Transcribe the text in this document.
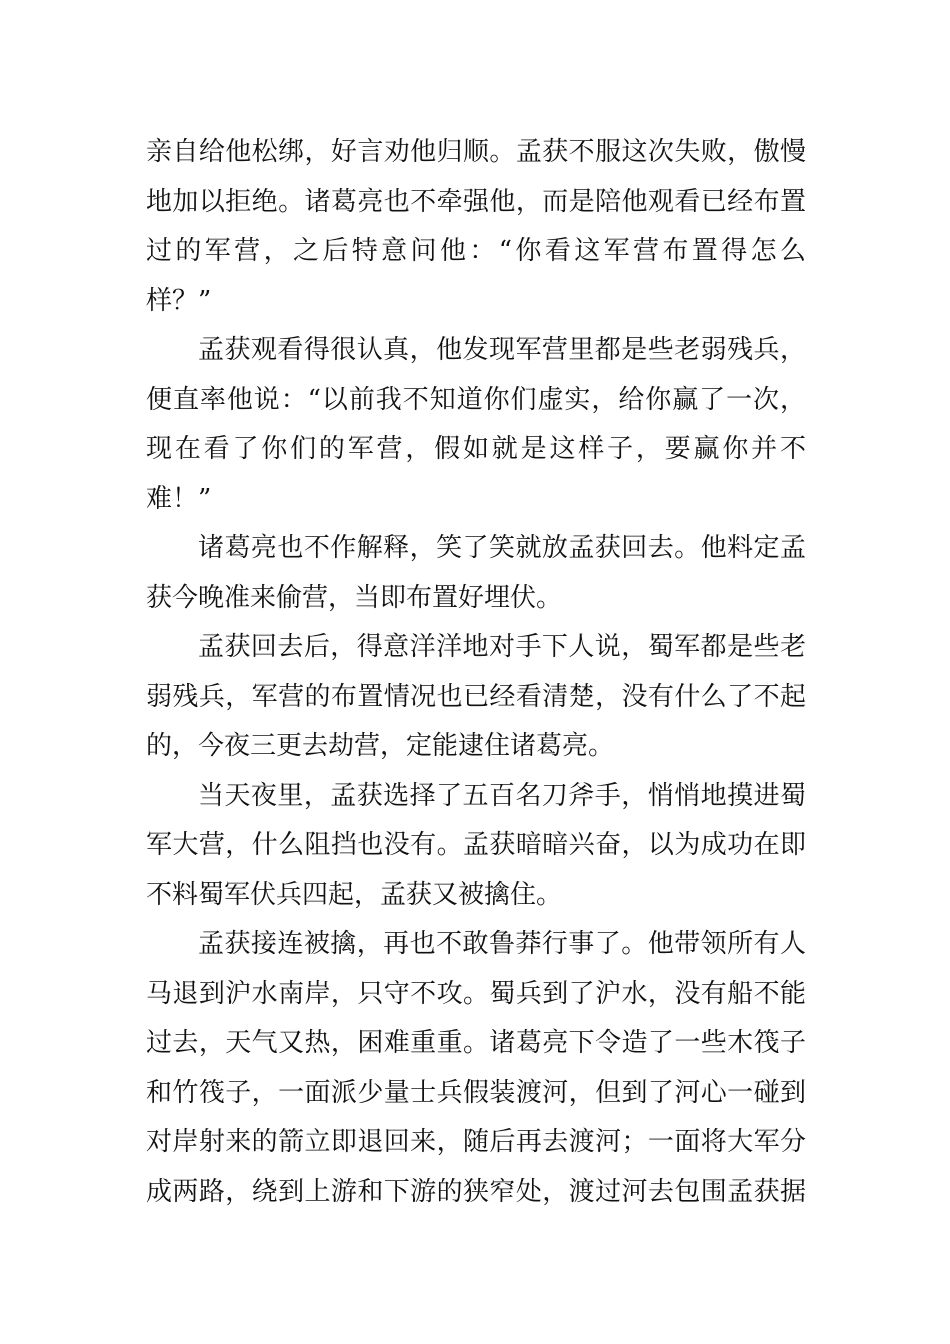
亲自给他松绑，好言劝他归顺。孟获不服这次失败，傲慢
地加以拒绝。诸葛亮也不牵强他，而是陪他观看已经布置
过的军营，之后特意问他：“你看这军营布置得怎么
样？”
孟获观看得很认真，他发现军营里都是些老弱残兵，
便直率他说：“以前我不知道你们虚实，给你赢了一次，
现在看了你们的军营，假如就是这样子，要赢你并不
难！”
诸葛亮也不作解释，笑了笑就放孟获回去。他料定孟
获今晚准来偷营，当即布置好埋伏。
孟获回去后，得意洋洋地对手下人说，蜀军都是些老
弱残兵，军营的布置情况也已经看清楚，没有什么了不起
的，今夜三更去劫营，定能逮住诸葛亮。
当天夜里，孟获选择了五百名刀斧手，悄悄地摸进蜀
军大营，什么阻挡也没有。孟获暗暗兴奋，以为成功在即
不料蜀军伏兵四起，孟获又被擒住。
孟获接连被擒，再也不敢鲁莽行事了。他带领所有人
马退到沪水南岸，只守不攻。蜀兵到了沪水，没有船不能
过去，天气又热，困难重重。诸葛亮下令造了一些木筏子
和竹筏子，一面派少量士兵假装渡河，但到了河心一碰到
对岸射来的箭立即退回来，随后再去渡河；一面将大军分
成两路，绕到上游和下游的狭窄处，渡过河去包围孟获据
